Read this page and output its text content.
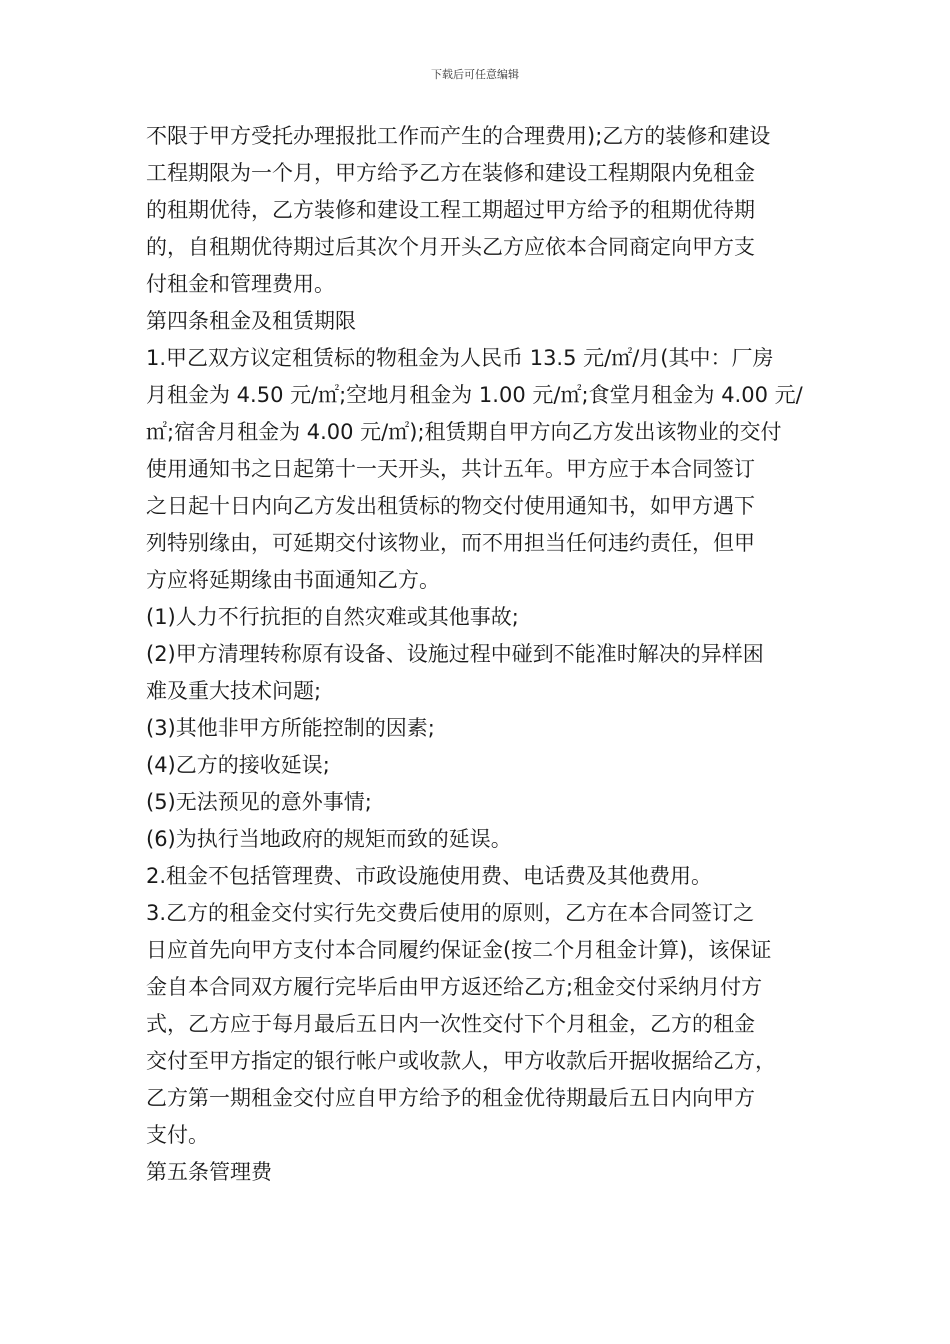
下载后可任意编辑
不限于甲方受托办理报批工作而产生的合理费用);乙方的装修和建设
工程期限为一个月，甲方给予乙方在装修和建设工程期限内免租金
的租期优待，乙方装修和建设工程工期超过甲方给予的租期优待期
的，自租期优待期过后其次个月开头乙方应依本合同商定向甲方支
付租金和管理费用。
第四条租金及租赁期限
1.甲乙双方议定租赁标的物租金为人民币 13.5 元/㎡/月(其中：厂房
月租金为 4.50 元/㎡;空地月租金为 1.00 元/㎡;食堂月租金为 4.00 元/
㎡;宿舍月租金为 4.00 元/㎡);租赁期自甲方向乙方发出该物业的交付
使用通知书之日起第十一天开头，共计五年。甲方应于本合同签订
之日起十日内向乙方发出租赁标的物交付使用通知书，如甲方遇下
列特别缘由，可延期交付该物业，而不用担当任何违约责任，但甲
方应将延期缘由书面通知乙方。
(1)人力不行抗拒的自然灾难或其他事故;
(2)甲方清理转称原有设备、设施过程中碰到不能准时解决的异样困
难及重大技术问题;
(3)其他非甲方所能控制的因素;
(4)乙方的接收延误;
(5)无法预见的意外事情;
(6)为执行当地政府的规矩而致的延误。
2.租金不包括管理费、市政设施使用费、电话费及其他费用。
3.乙方的租金交付实行先交费后使用的原则，乙方在本合同签订之
日应首先向甲方支付本合同履约保证金(按二个月租金计算)，该保证
金自本合同双方履行完毕后由甲方返还给乙方;租金交付采纳月付方
式，乙方应于每月最后五日内一次性交付下个月租金，乙方的租金
交付至甲方指定的银行帐户或收款人，甲方收款后开据收据给乙方，
乙方第一期租金交付应自甲方给予的租金优待期最后五日内向甲方
支付。
第五条管理费
